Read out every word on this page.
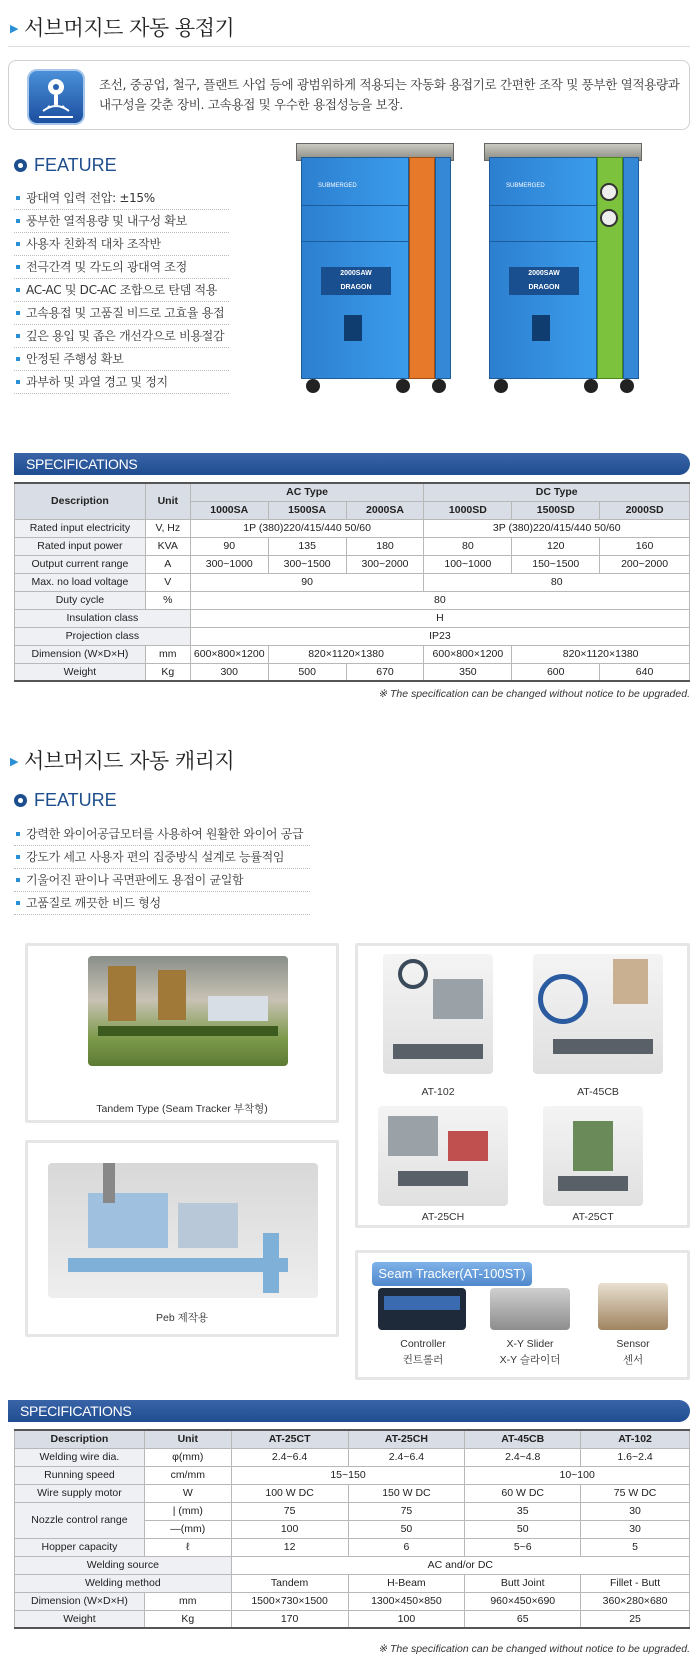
▶ 서브머지드 자동 용접기
조선, 중공업, 철구, 플랜트 사업 등에 광범위하게 적용되는 자동화 용접기로 간편한 조작 및 풍부한 열적용량과 내구성을 갖춘 장비. 고속용접 및 우수한 용접성능을 보장.
FEATURE
광대역 입력 전압: ±15%
풍부한 열적용량 및 내구성 확보
사용자 친화적 대차 조작반
전극간격 및 각도의 광대역 조정
AC-AC 및 DC-AC 조합으로 탄뎀 적용
고속용접 및 고품질 비드로 고효율 용접
깊은 용입 및 좁은 개선각으로 비용절감
안정된 주행성 확보
과부하 및 과열 경고 및 정지
SUBMERGED
2000SAW
DRAGON
SUBMERGED
2000SAW
DRAGON
SPECIFICATIONS
Description	Unit	AC Type			DC Type		
		1000SA	1500SA	2000SA	1000SD	1500SD	2000SD
Rated input electricity	V, Hz	1P (380)220/415/440 50/60			3P (380)220/415/440 50/60		
Rated input power	KVA	90	135	180	80	120	160
Output current range	A	300~1000	300~1500	300~2000	100~1000	150~1500	200~2000
Max. no load voltage	V	90			80		
Duty cycle	%	80					
Insulation class		H					
Projection class		IP23					
Dimension (W×D×H)	mm	600×800×1200	820×1120×1380		600×800×1200	820×1120×1380	
Weight	Kg	300	500	670	350	600	640
※ The specification can be changed without notice to be upgraded.
▶ 서브머지드 자동 캐리지
FEATURE
강력한 와이어공급모터를 사용하여 원활한 와이어 공급
강도가 세고 사용자 편의 집중방식 설계로 능률적임
기울어진 판이나 곡면판에도 용접이 균일함
고품질로 깨끗한 비드 형성
Tandem Type (Seam Tracker 부착형)
Peb 제작용
AT-102	AT-45CB
AT-25CH	AT-25CT
Controller
컨트롤러
X-Y Slider
X-Y 슬라이더
Sensor
센서
Seam Tracker(AT-100ST)
SPECIFICATIONS
Description	Unit	AT-25CT	AT-25CH	AT-45CB	AT-102
Welding wire dia.	φ(mm)	2.4~6.4	2.4~6.4	2.4~4.8	1.6~2.4
Running speed	cm/mm	15~150		10~100	
Wire supply motor	W	100 W DC	150 W DC	60 W DC	75 W DC
Nozzle control range	| (mm)	75	75	35	30
	—(mm)	100	50	50	30
Hopper capacity	ℓ	12	6	5~6	5
Welding source		AC and/or DC			
Welding method		Tandem	H-Beam	Butt Joint	Fillet - Butt
Dimension (W×D×H)	mm	1500×730×1500	1300×450×850	960×450×690	360×280×680
Weight	Kg	170	100	65	25
※ The specification can be changed without notice to be upgraded.
